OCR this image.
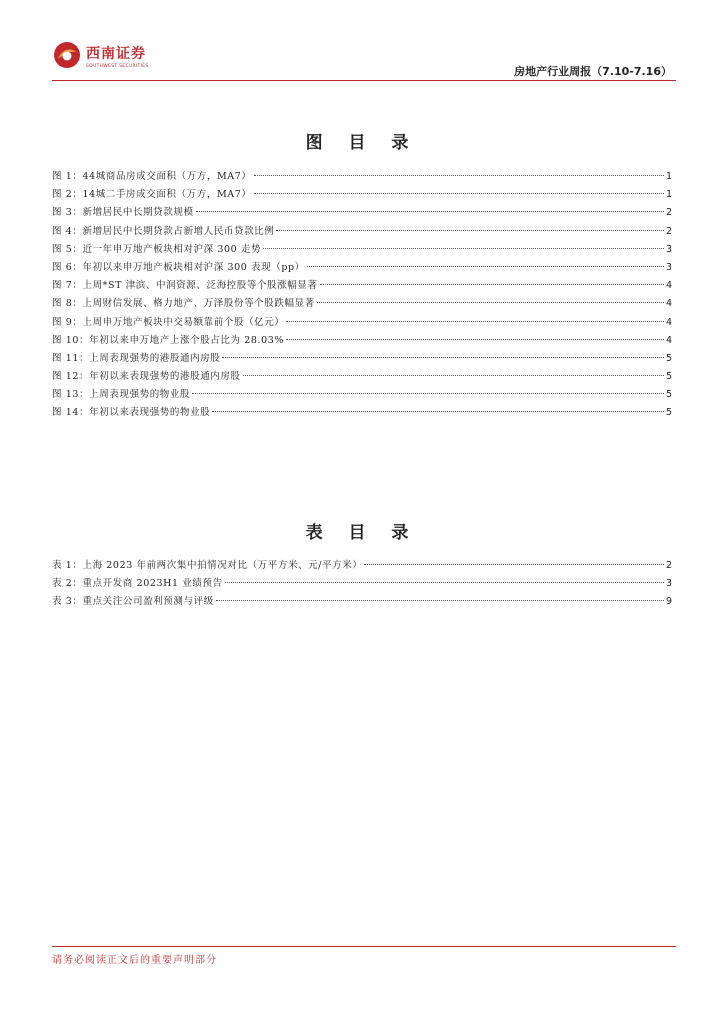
西南证券
SOUTHWEST SECURITIES	房地产行业周报（7.10-7.16）
图 目 录
图 1：44城商品房成交面积（万方，MA7）	1
图 2：14城二手房成交面积（万方，MA7）	1
图 3：新增居民中长期贷款规模	2
图 4：新增居民中长期贷款占新增人民币贷款比例	2
图 5：近一年申万地产板块相对沪深 300 走势	3
图 6：年初以来申万地产板块相对沪深 300 表现（pp）	3
图 7：上周*ST 津滨、中润资源、泛海控股等个股涨幅显著	4
图 8：上周财信发展、格力地产、万泽股份等个股跌幅显著	4
图 9：上周申万地产板块中交易额靠前个股（亿元）	4
图 10：年初以来申万地产上涨个股占比为 28.03%	4
图 11：上周表现强势的港股通内房股	5
图 12：年初以来表现强势的港股通内房股	5
图 13：上周表现强势的物业股	5
图 14：年初以来表现强势的物业股	5
表 目 录
表 1：上海 2023 年前两次集中拍情况对比（万平方米、元/平方米）	2
表 2：重点开发商 2023H1 业绩预告	3
表 3：重点关注公司盈利预测与评级	9
请务必阅读正文后的重要声明部分
